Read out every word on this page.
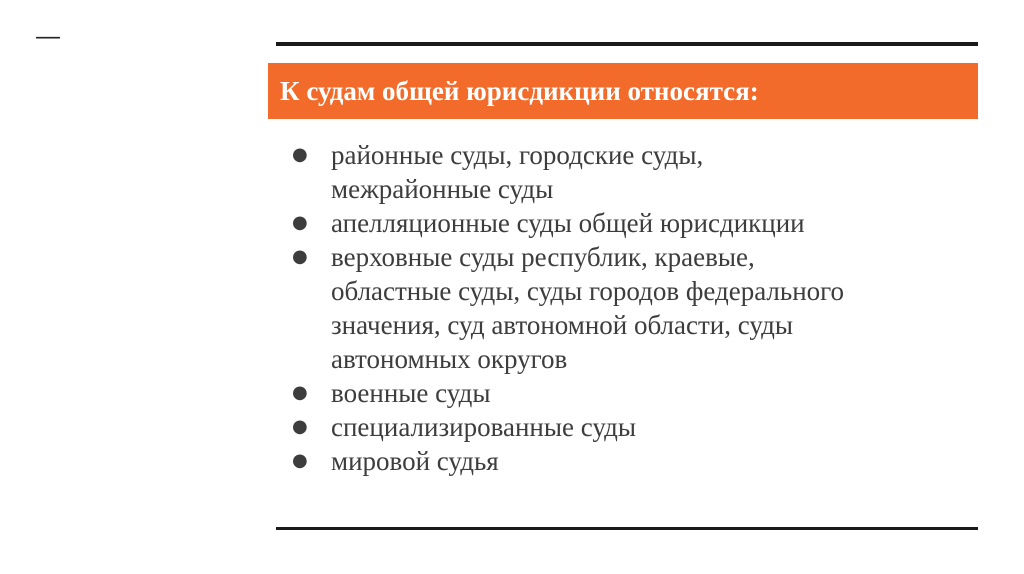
—
К судам общей юрисдикции относятся:
● районные суды, городские суды,
межрайонные суды
● апелляционные суды общей юрисдикции
● верховные суды республик, краевые,
областные суды, суды городов федерального
значения, суд автономной области, суды
автономных округов
● военные суды
● специализированные суды
● мировой судья
